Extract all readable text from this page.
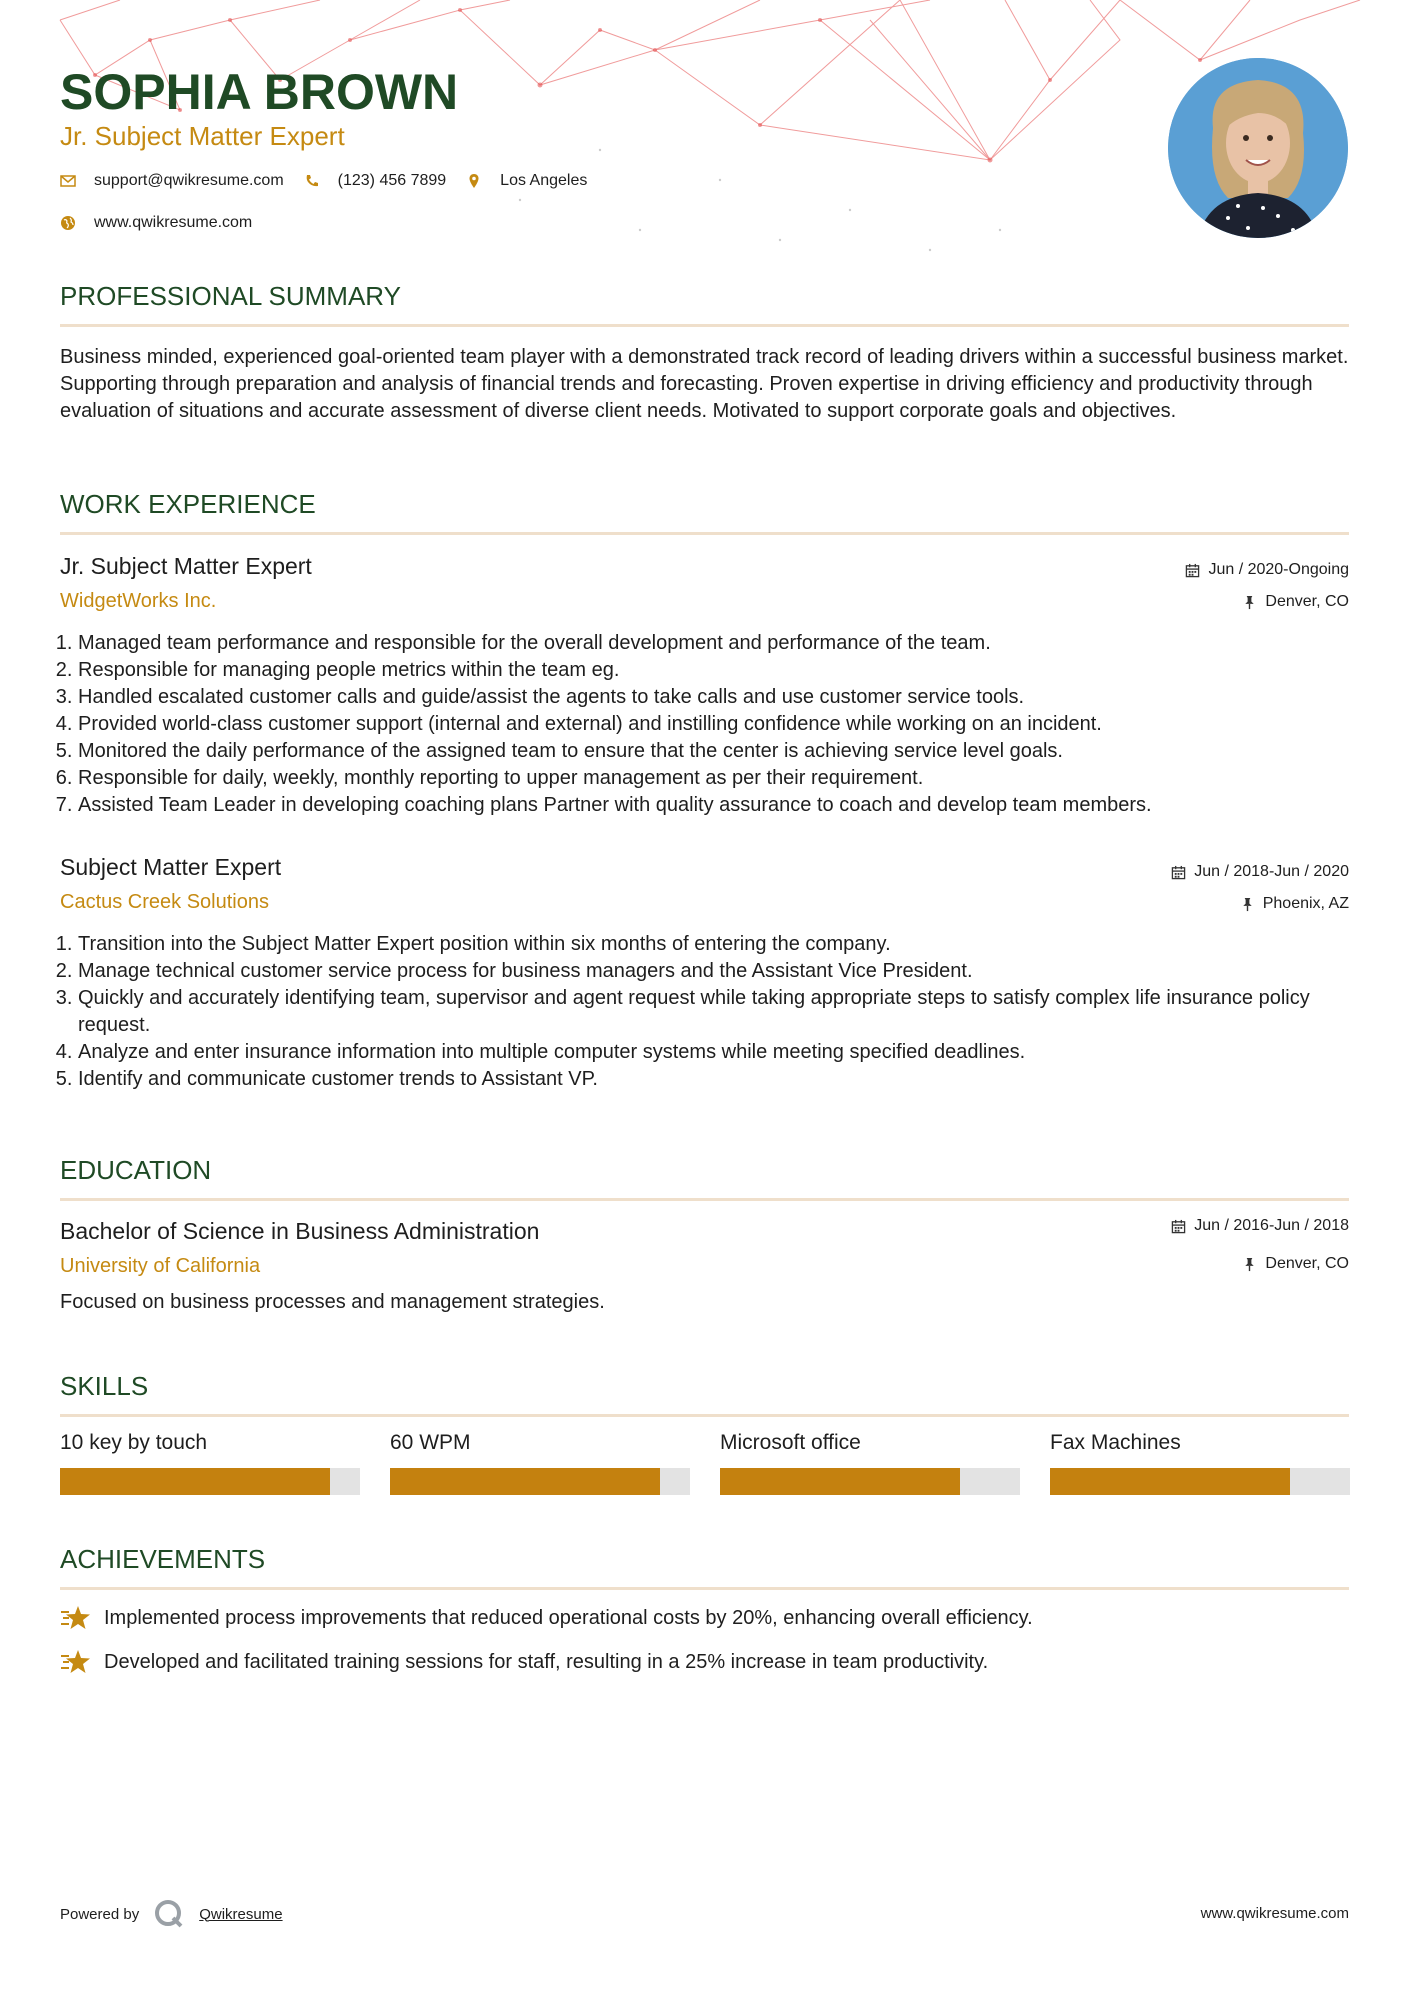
SOPHIA BROWN
Jr. Subject Matter Expert
support@qwikresume.com	(123) 456 7899	Los Angeles
www.qwikresume.com
PROFESSIONAL SUMMARY

Business minded, experienced goal-oriented team player with a demonstrated track record of leading drivers within a successful business market. Supporting through preparation and analysis of financial trends and forecasting. Proven expertise in driving efficiency and productivity through evaluation of situations and accurate assessment of diverse client needs. Motivated to support corporate goals and objectives.

WORK EXPERIENCE
Jr. Subject Matter Expert
WidgetWorks Inc.
Jun / 2020-Ongoing
Denver, CO
1. Managed team performance and responsible for the overall development and performance of the team.
2. Responsible for managing people metrics within the team eg.
3. Handled escalated customer calls and guide/assist the agents to take calls and use customer service tools.
4. Provided world-class customer support (internal and external) and instilling confidence while working on an incident.
5. Monitored the daily performance of the assigned team to ensure that the center is achieving service level goals.
6. Responsible for daily, weekly, monthly reporting to upper management as per their requirement.
7. Assisted Team Leader in developing coaching plans Partner with quality assurance to coach and develop team members.
Subject Matter Expert
Cactus Creek Solutions
Jun / 2018-Jun / 2020
Phoenix, AZ
1. Transition into the Subject Matter Expert position within six months of entering the company.
2. Manage technical customer service process for business managers and the Assistant Vice President.
3. Quickly and accurately identifying team, supervisor and agent request while taking appropriate steps to satisfy complex life insurance policy request.
4. Analyze and enter insurance information into multiple computer systems while meeting specified deadlines.
5. Identify and communicate customer trends to Assistant VP.
EDUCATION
Bachelor of Science in Business Administration
University of California
Jun / 2016-Jun / 2018
Denver, CO
Focused on business processes and management strategies.
SKILLS
10 key by touch	60 WPM	Microsoft office	Fax Machines
ACHIEVEMENTS
Implemented process improvements that reduced operational costs by 20%, enhancing overall efficiency.
Developed and facilitated training sessions for staff, resulting in a 25% increase in team productivity.
Powered by	Qwikresume	www.qwikresume.com
